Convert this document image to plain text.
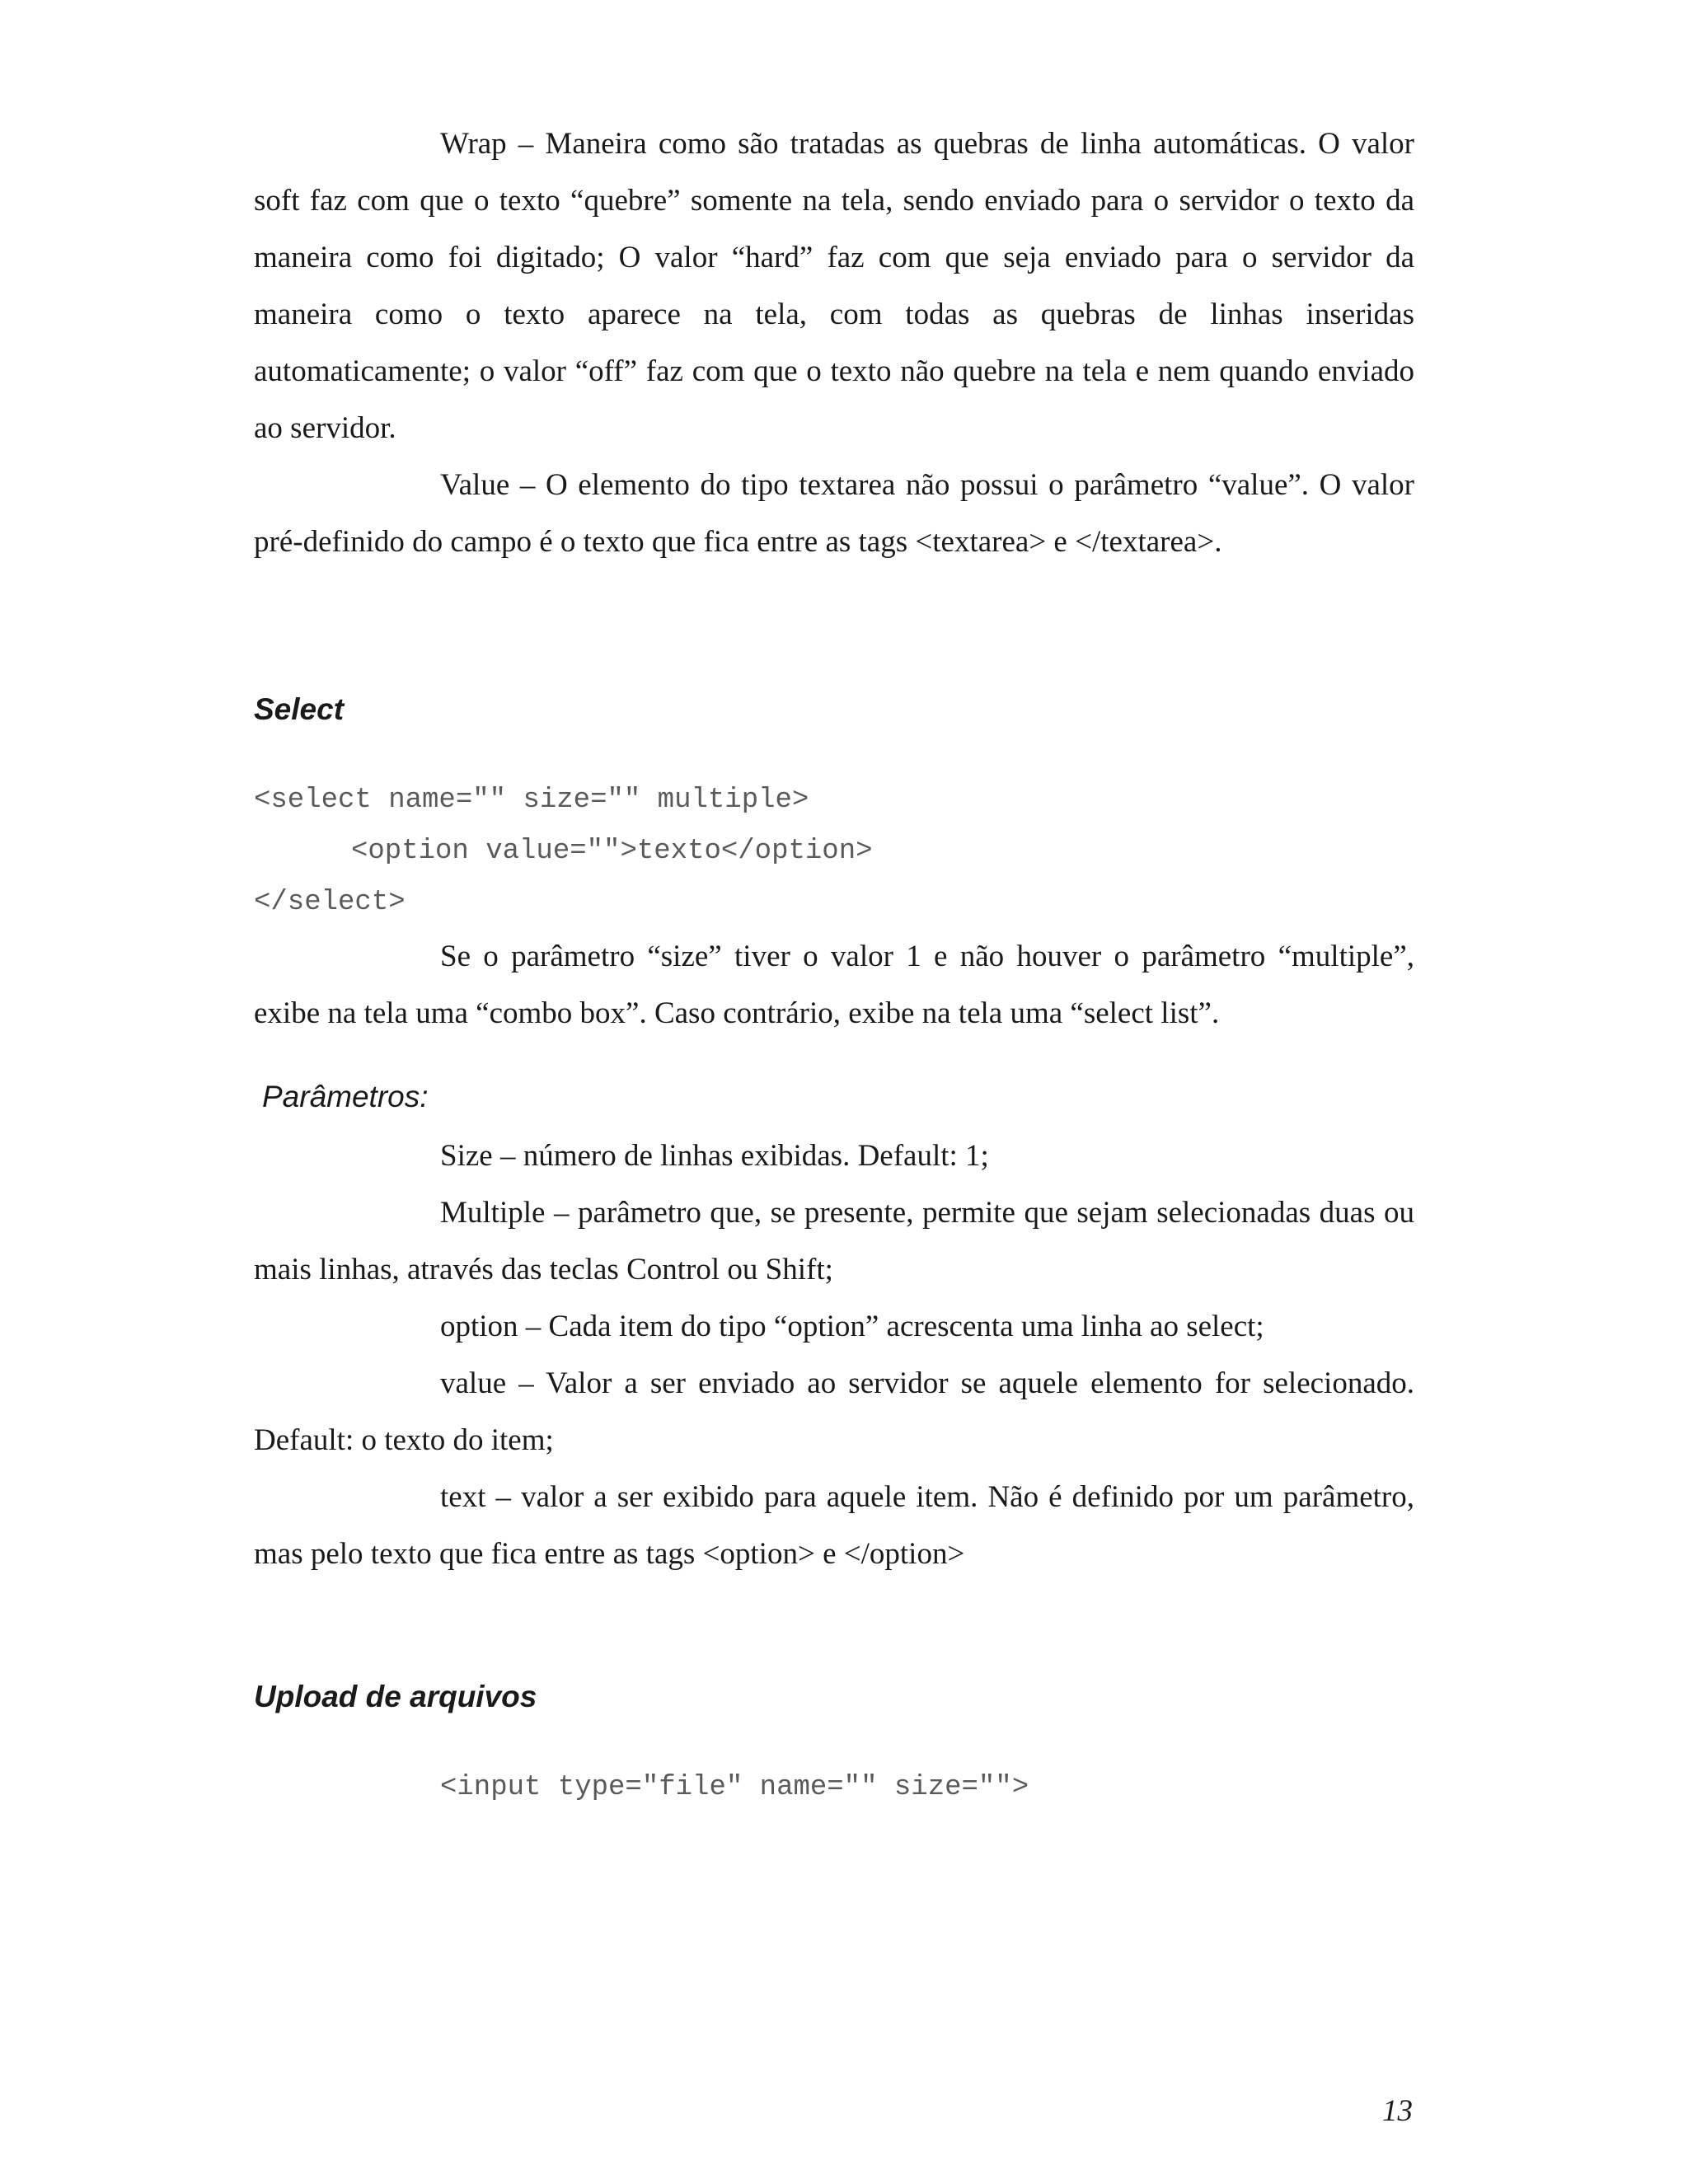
Wrap – Maneira como são tratadas as quebras de linha automáticas. O valor soft faz com que o texto “quebre” somente na tela, sendo enviado para o servidor o texto da maneira como foi digitado; O valor “hard” faz com que seja enviado para o servidor da maneira como o texto aparece na tela, com todas as quebras de linhas inseridas automaticamente; o valor “off” faz com que o texto não quebre na tela e nem quando enviado ao servidor.

Value – O elemento do tipo textarea não possui o parâmetro “value”. O valor pré-definido do campo é o texto que fica entre as tags <textarea> e </textarea>.

Select
<select name="" size="" multiple>
<option value="">texto</option>
</select>

Se o parâmetro “size” tiver o valor 1 e não houver o parâmetro “multiple”, exibe na tela uma “combo box”. Caso contrário, exibe na tela uma “select list”.

Parâmetros:

Size – número de linhas exibidas. Default: 1;

Multiple – parâmetro que, se presente, permite que sejam selecionadas duas ou mais linhas, através das teclas Control ou Shift;

option – Cada item do tipo “option” acrescenta uma linha ao select;

value – Valor a ser enviado ao servidor se aquele elemento for selecionado. Default: o texto do item;

text – valor a ser exibido para aquele item. Não é definido por um parâmetro, mas pelo texto que fica entre as tags <option> e </option>

Upload de arquivos
<input type="file" name="" size="">
13
